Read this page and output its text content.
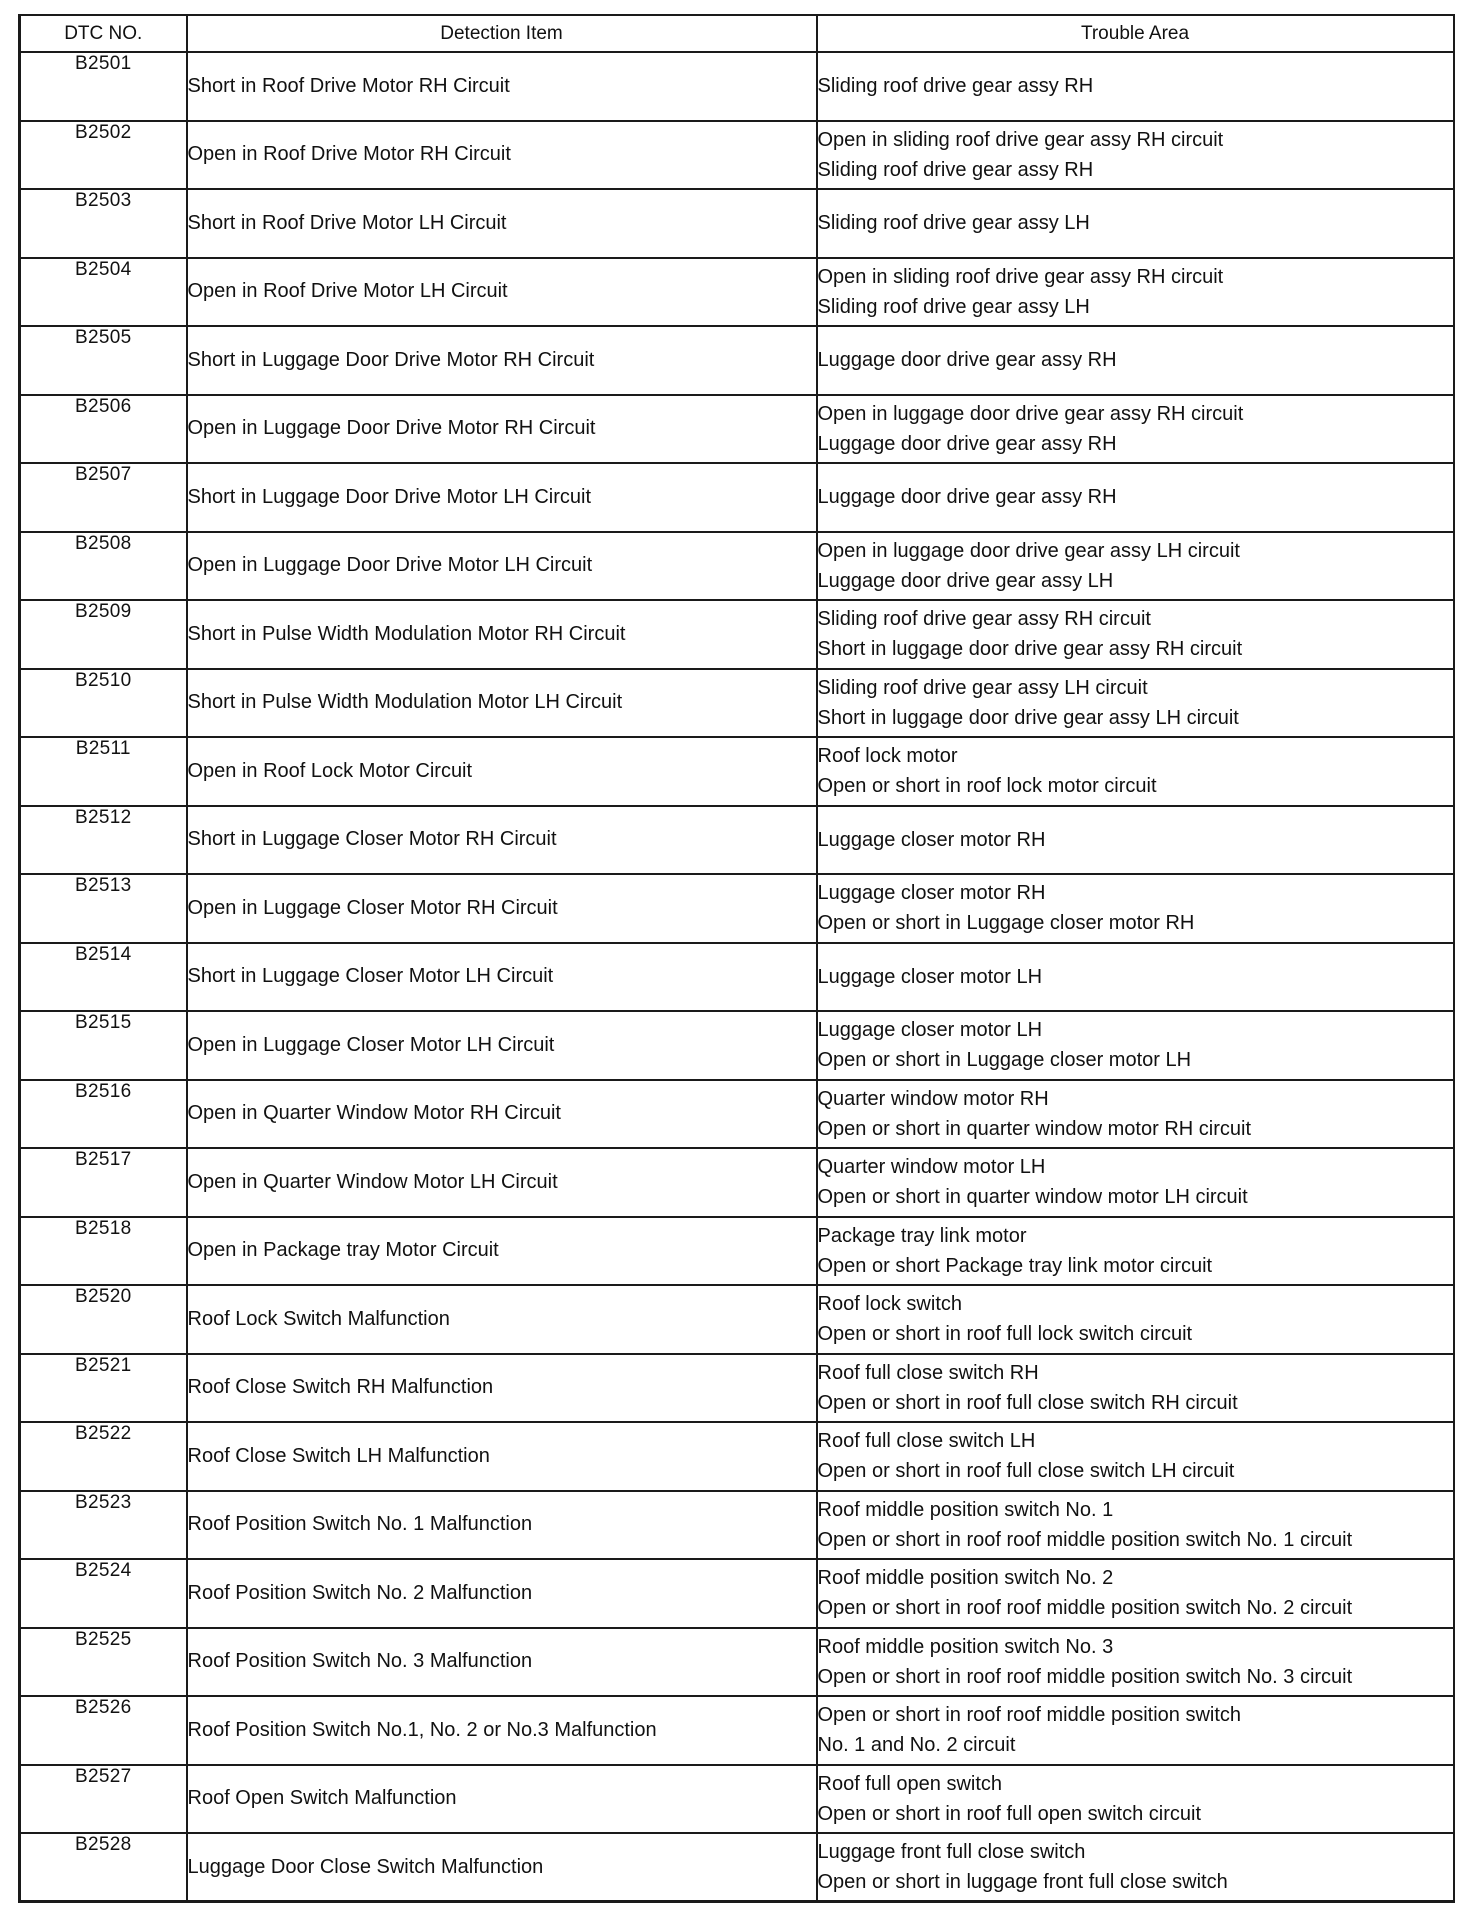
DTC NO.	Detection Item	Trouble Area
B2501	Short in Roof Drive Motor RH Circuit	Sliding roof drive gear assy RH

B2502	Open in Roof Drive Motor RH Circuit	Open in sliding roof drive gear assy RH circuit
Sliding roof drive gear assy RH

B2503	Short in Roof Drive Motor LH Circuit	Sliding roof drive gear assy LH

B2504	Open in Roof Drive Motor LH Circuit	Open in sliding roof drive gear assy RH circuit
Sliding roof drive gear assy LH

B2505	Short in Luggage Door Drive Motor RH Circuit	Luggage door drive gear assy RH

B2506	Open in Luggage Door Drive Motor RH Circuit	Open in luggage door drive gear assy RH circuit
Luggage door drive gear assy RH

B2507	Short in Luggage Door Drive Motor LH Circuit	Luggage door drive gear assy RH

B2508	Open in Luggage Door Drive Motor LH Circuit	Open in luggage door drive gear assy LH circuit
Luggage door drive gear assy LH

B2509	Short in Pulse Width Modulation Motor RH Circuit	Sliding roof drive gear assy RH circuit
Short in luggage door drive gear assy RH circuit

B2510	Short in Pulse Width Modulation Motor LH Circuit	Sliding roof drive gear assy LH circuit
Short in luggage door drive gear assy LH circuit

B2511	Open in Roof Lock Motor Circuit	Roof lock motor
Open or short in roof lock motor circuit

B2512	Short in Luggage Closer Motor RH Circuit	Luggage closer motor RH

B2513	Open in Luggage Closer Motor RH Circuit	Luggage closer motor RH
Open or short in Luggage closer motor RH

B2514	Short in Luggage Closer Motor LH Circuit	Luggage closer motor LH

B2515	Open in Luggage Closer Motor LH Circuit	Luggage closer motor LH
Open or short in Luggage closer motor LH

B2516	Open in Quarter Window Motor RH Circuit	Quarter window motor RH
Open or short in quarter window motor RH circuit

B2517	Open in Quarter Window Motor LH Circuit	Quarter window motor LH
Open or short in quarter window motor LH circuit

B2518	Open in Package tray Motor Circuit	Package tray link motor
Open or short Package tray link motor circuit

B2520	Roof Lock Switch Malfunction	Roof lock switch
Open or short in roof full lock switch circuit

B2521	Roof Close Switch RH Malfunction	Roof full close switch RH
Open or short in roof full close switch RH circuit

B2522	Roof Close Switch LH Malfunction	Roof full close switch LH
Open or short in roof full close switch LH circuit

B2523	Roof Position Switch No. 1 Malfunction	Roof middle position switch No. 1
Open or short in roof roof middle position switch No. 1 circuit

B2524	Roof Position Switch No. 2 Malfunction	Roof middle position switch No. 2
Open or short in roof roof middle position switch No. 2 circuit

B2525	Roof Position Switch No. 3 Malfunction	Roof middle position switch No. 3
Open or short in roof roof middle position switch No. 3 circuit

B2526	Roof Position Switch No.1, No. 2 or No.3 Malfunction	Open or short in roof roof middle position switch
No. 1 and No. 2 circuit

B2527	Roof Open Switch Malfunction	Roof full open switch
Open or short in roof full open switch circuit

B2528	Luggage Door Close Switch Malfunction	Luggage front full close switch
Open or short in luggage front full close switch
